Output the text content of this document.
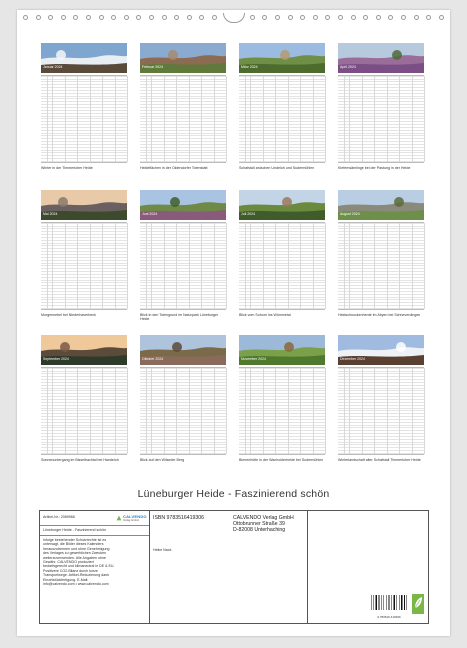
Januar 2024
Winter in der Timmerloher Heide
Februar 2024
Heideflächen in der Oldendorfer Totenstatt
März 2024
Schafstall zwischen Undeloh und Sudermühlen
April 2024
Kiefernsämlinge bei der Pastung in der Heide
Mai 2024
Morgennebel bei Niederhaverbeck
Juni 2024
Blick in den Totengrund im Naturpark Lüneburger Heide
Juli 2024
Blick vom Suhorn ins Wümmetal
August 2024
Heidschnuckenherde im Abyen bei Schneverdingen
September 2024
Sonnenuntergang im Bisselbachtal bei Handeloh
Oktober 2024
Blick auf den Wilseder Berg
November 2024
Bienenhütte in der Wacholderheide bei Sudermühlen
Dezember 2024
Winterlandschaft alter Schafstall Timmerloher Heide
Lüneburger Heide - Faszinierend schön
Artikel-Nr.: 2089968	CALVENDO
Verlag GmbH
Lüneburger Heide - Faszinierend schön
Infolge bestehender Schutzrechte ist es untersagt, die Bilder dieses Kalenders herauszutrennen und ohne Genehmigung des Verlages zu gewerblichen Zwecken weiterzuverwenden. Alle Angaben ohne Gewähr. CALVENDO produziert bedarfsgerecht und klimaneutral in DE & EU. Positivere CO2-Bilanz durch kurze Transportwege. Artikel-Reduzierung dank Einzelstückfertigung. E-Mail: info@calvendo.com • www.calvendo.com
ISBN 9783516419306	CALVENDO Verlag GmbH
Ottobrunner Straße 39
D-82008 Unterhaching
Heike Nack
9 783516 419306
